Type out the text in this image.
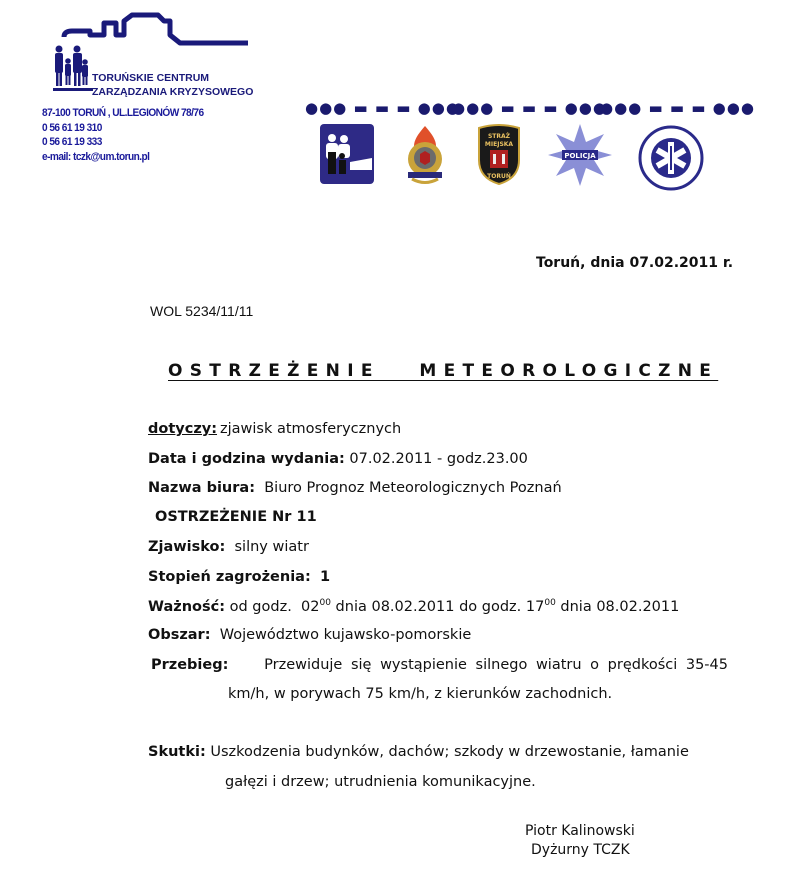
TORUŃSKIE CENTRUM
ZARZĄDZANIA KRYZYSOWEGO
87-100 TORUŃ , UL.LEGIONÓW 78/76
0 56 61 19 310
0 56 61 19 333
e-mail: tczk@um.torun.pl
●●● ▬ ▬ ▬ ●●●
●●● ▬ ▬ ▬ ●●●
●●● ▬ ▬ ▬ ●●●
STRAŻ
MIEJSKA
TORUŃ
POLICJA
Toruń, dnia 07.02.2011 r.
WOL 5234/11/11
OSTRZEŻENIE   METEOROLOGICZNE
dotyczy: zjawisk atmosferycznych
Data i godzina wydania: 07.02.2011 - godz.23.00
Nazwa biura: Biuro Prognoz Meteorologicznych Poznań
OSTRZEŻENIE Nr 11
Zjawisko: silny wiatr
Stopień zagrożenia: 1
Ważność: od godz. $02^{00}$ dnia 08.02.2011 do godz. $17^{00}$ dnia 08.02.2011
Obszar: Województwo kujawsko-pomorskie
Przebieg: Przewiduje się wystąpienie silnego wiatru o prędkości 35-45
km/h, w porywach 75 km/h, z kierunków zachodnich.
Skutki: Uszkodzenia budynków, dachów; szkody w drzewostanie, łamanie
gałęzi i drzew; utrudnienia komunikacyjne.
Piotr Kalinowski
Dyżurny TCZK
